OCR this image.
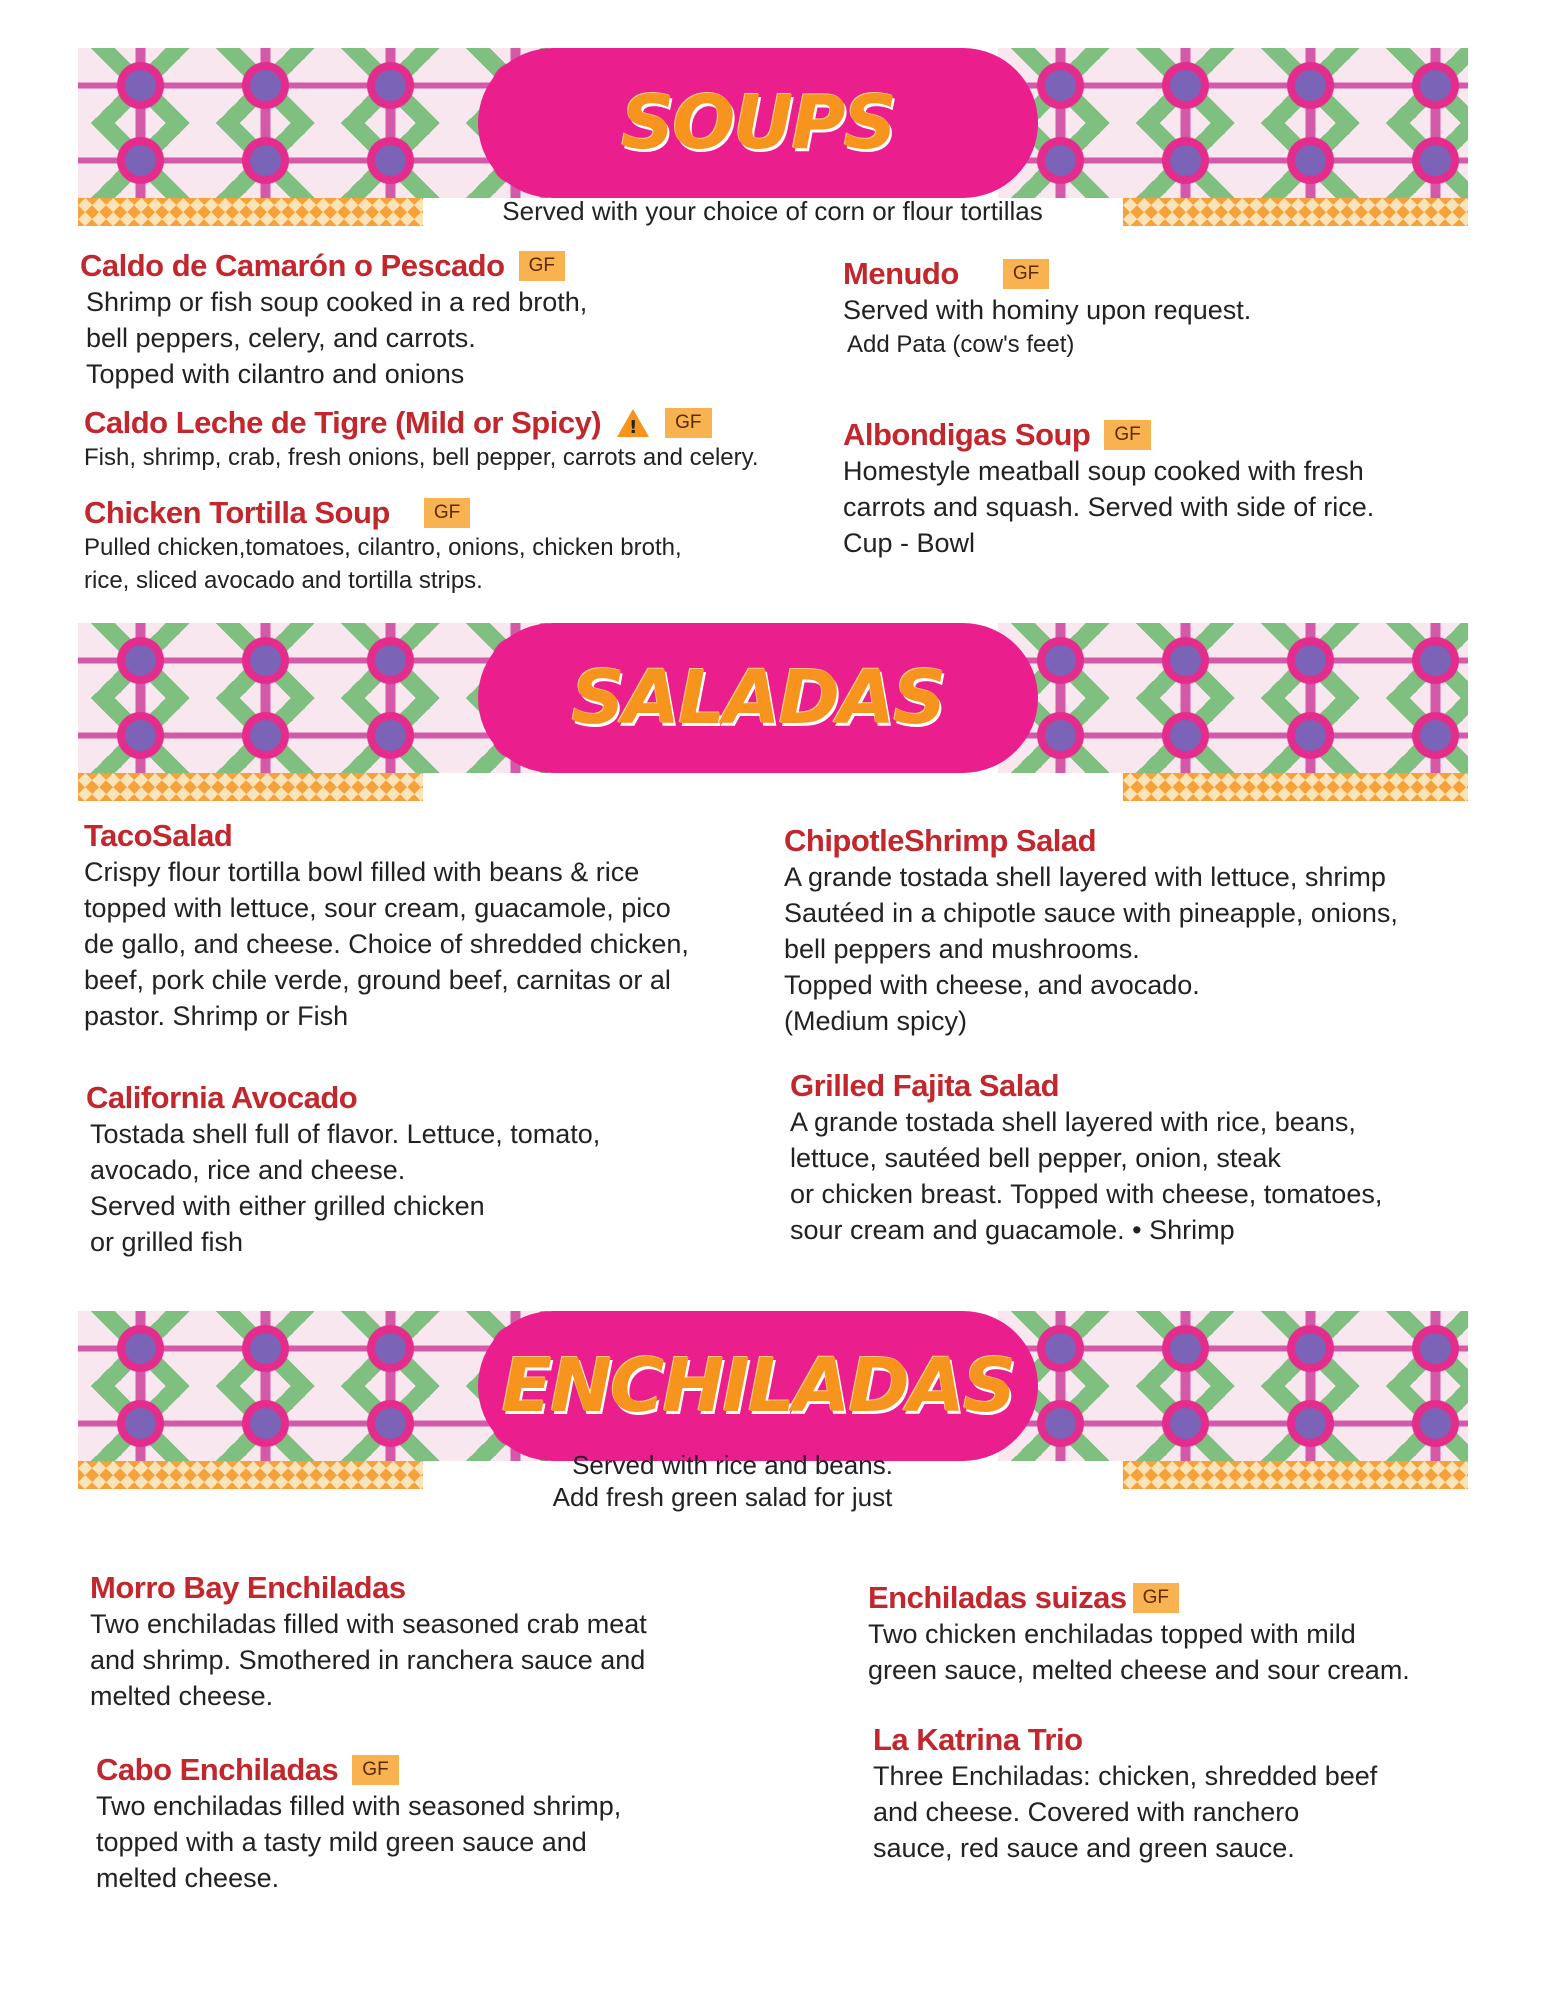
SOUPS
Served with your choice of corn or flour tortillas
Caldo de Camarón o Pescado	GF
Shrimp or fish soup cooked in a red broth,
bell peppers, celery, and carrots.
Topped with cilantro and onions
Caldo Leche de Tigre (Mild or Spicy) !	GF
Fish, shrimp, crab, fresh onions, bell pepper, carrots and celery.
Chicken Tortilla Soup	GF
Pulled chicken,tomatoes, cilantro, onions, chicken broth,
rice, sliced avocado and tortilla strips.
Menudo	GF
Served with hominy upon request.
Add Pata (cow's feet)
Albondigas Soup	GF
Homestyle meatball soup cooked with fresh
carrots and squash. Served with side of rice.
Cup - Bowl
SALADAS
TacoSalad
Crispy flour tortilla bowl filled with beans & rice
topped with lettuce, sour cream, guacamole, pico
de gallo, and cheese. Choice of shredded chicken,
beef, pork chile verde, ground beef, carnitas or al
pastor. Shrimp or Fish
California Avocado
Tostada shell full of flavor. Lettuce, tomato,
avocado, rice and cheese.
Served with either grilled chicken
or grilled fish
ChipotleShrimp Salad
A grande tostada shell layered with lettuce, shrimp
Sautéed in a chipotle sauce with pineapple, onions,
bell peppers and mushrooms.
Topped with cheese, and avocado.
(Medium spicy)
Grilled Fajita Salad
A grande tostada shell layered with rice, beans,
lettuce, sautéed bell pepper, onion, steak
or chicken breast. Topped with cheese, tomatoes,
sour cream and guacamole. • Shrimp
ENCHILADAS
Served with rice and beans.
Add fresh green salad for just
Morro Bay Enchiladas
Two enchiladas filled with seasoned crab meat
and shrimp. Smothered in ranchera sauce and
melted cheese.
Cabo Enchiladas	GF
Two enchiladas filled with seasoned shrimp,
topped with a tasty mild green sauce and
melted cheese.
Enchiladas suizas GF
Two chicken enchiladas topped with mild
green sauce, melted cheese and sour cream.
La Katrina Trio
Three Enchiladas: chicken, shredded beef
and cheese. Covered with ranchero
sauce, red sauce and green sauce.
